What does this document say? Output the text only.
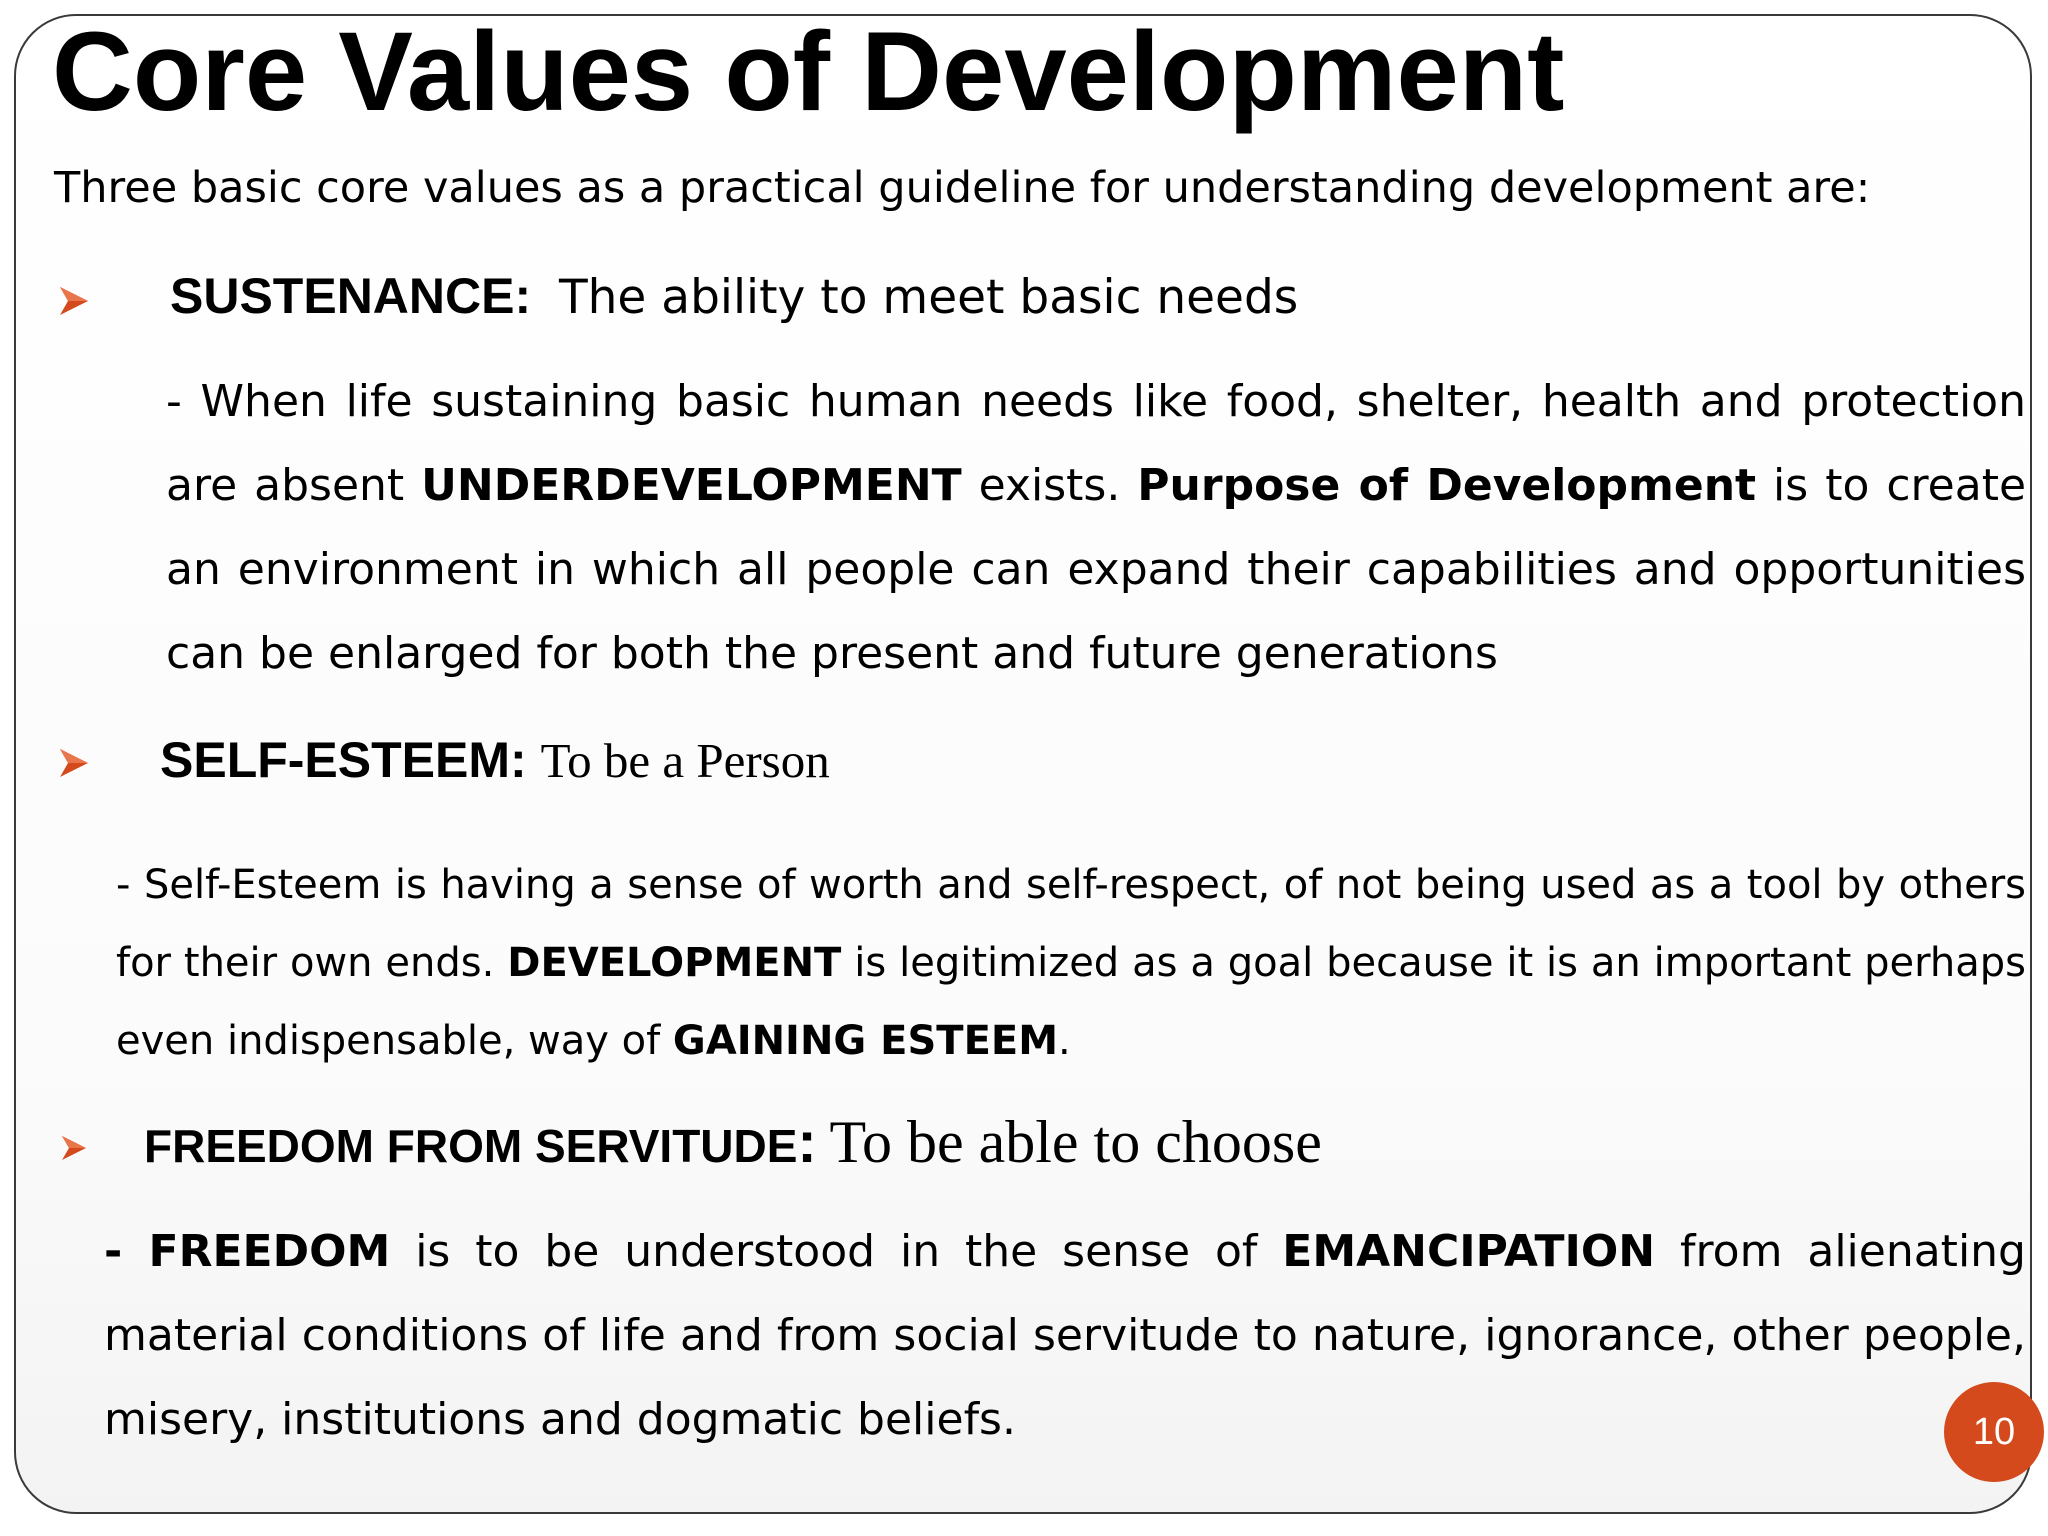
Core Values of Development

Three basic core values as a practical guideline for understanding development are:

SUSTENANCE: The ability to meet basic needs

- When life sustaining basic human needs like food, shelter, health and protection are absent UNDERDEVELOPMENT exists. Purpose of Development is to create an environment in which all people can expand their capabilities and opportunities can be enlarged for both the present and future generations

SELF-ESTEEM: To be a Person

- Self-Esteem is having a sense of worth and self-respect, of not being used as a tool by others for their own ends. DEVELOPMENT is legitimized as a goal because it is an important perhaps even indispensable, way of GAINING ESTEEM.

FREEDOM FROM SERVITUDE: To be able to choose

- FREEDOM is to be understood in the sense of EMANCIPATION from alienating material conditions of life and from social servitude to nature, ignorance, other people, misery, institutions and dogmatic beliefs.	10
